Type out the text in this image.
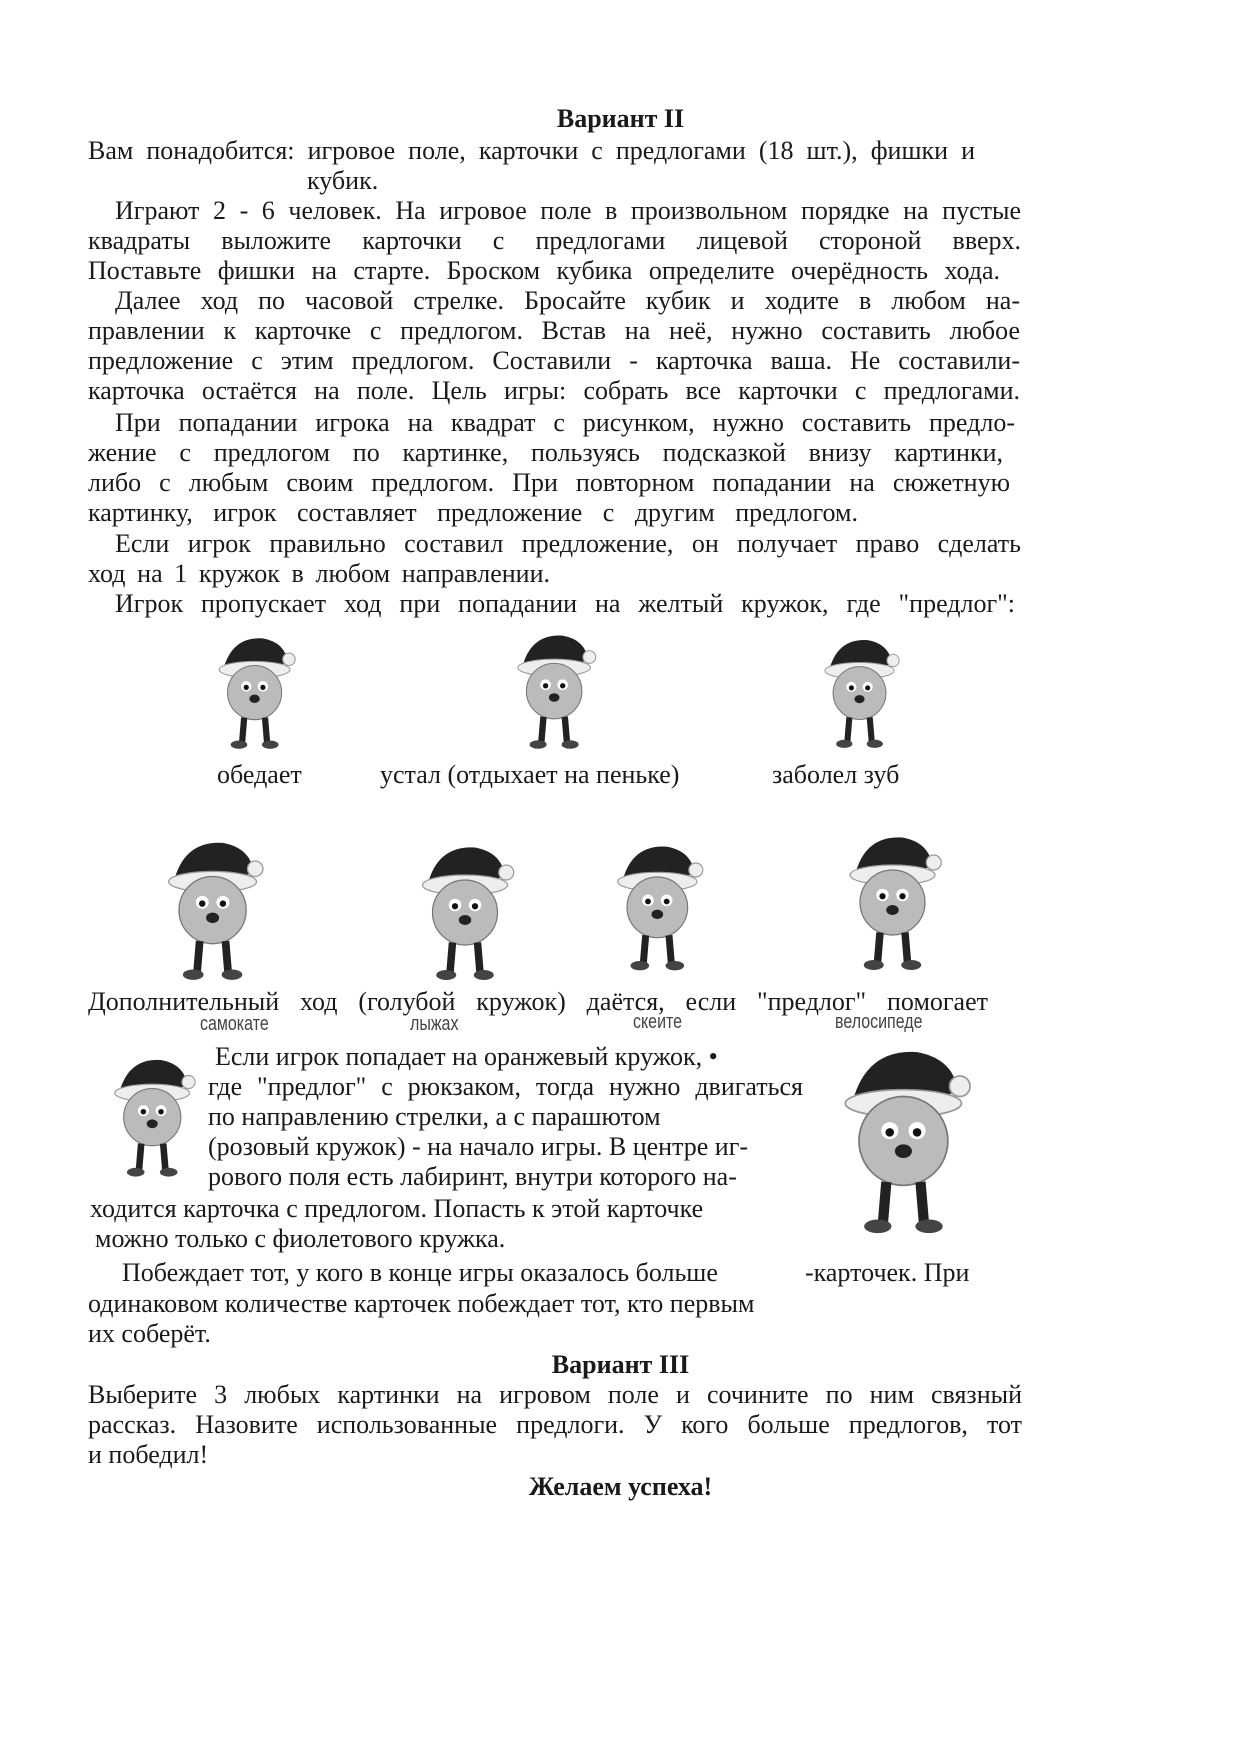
Вариант II
Вам понадобится: игровое поле, карточки с предлогами (18 шт.), фишки и
кубик.
Играют 2 - 6 человек. На игровое поле в произвольном порядке на пустые
квадраты выложите карточки с предлогами лицевой стороной вверх.
Поставьте фишки на старте. Броском кубика определите очерёдность хода.
Далее ход по часовой стрелке. Бросайте кубик и ходите в любом на-
правлении к карточке с предлогом. Встав на неё, нужно составить любое
предложение с этим предлогом. Составили - карточка ваша. Не составили-
карточка остаётся на поле. Цель игры: собрать все карточки с предлогами.
При попадании игрока на квадрат с рисунком, нужно составить предло-
жение с предлогом по картинке, пользуясь подсказкой внизу картинки,
либо с любым своим предлогом. При повторном попадании на сюжетную
картинку, игрок составляет предложение с другим предлогом.
Если игрок правильно составил предложение, он получает право сделать
ход на 1 кружок в любом направлении.
Игрок пропускает ход при попадании на желтый кружок, где "предлог":
обедает	устал (отдыхает на пеньке)	заболел зуб
Дополнительный ход (голубой кружок) даётся, если "предлог" помогает
самокате	лыжах	скеите	велосипеде
Если игрок попадает на оранжевый кружок, •
где "предлог" с рюкзаком, тогда нужно двигаться
по направлению стрелки, а с парашютом
(розовый кружок) - на начало игры. В центре иг-
рового поля есть лабиринт, внутри которого на-
ходится карточка с предлогом. Попасть к этой карточке
можно только с фиолетового кружка.
Побеждает тот, у кого в конце игры оказалось больше	-карточек. При
одинаковом количестве карточек побеждает тот, кто первым
их соберёт.
Вариант III
Выберите 3 любых картинки на игровом поле и сочините по ним связный
рассказ. Назовите использованные предлоги. У кого больше предлогов, тот
и победил!
Желаем успеха!
